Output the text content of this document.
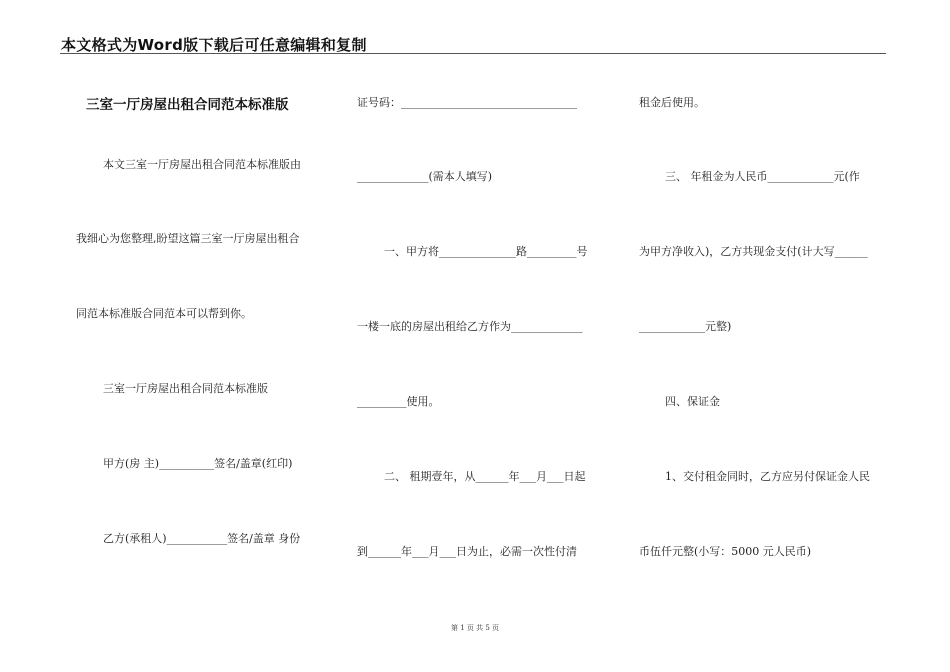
本文格式为Word版下载后可任意编辑和复制
三室一厅房屋出租合同范本标准版
本文三室一厅房屋出租合同范本标准版由
我细心为您整理,盼望这篇三室一厅房屋出租合
同范本标准版合同范本可以帮到你。
三室一厅房屋出租合同范本标准版
甲方(房 主)__________签名/盖章(红印)
乙方(承租人)___________签名/盖章 身份
证号码：________________________________
_____________(需本人填写)
一、甲方将______________路_________号
一楼一底的房屋出租给乙方作为_____________
_________使用。
二、 租期壹年，从______年___月___日起
到______年___月___日为止，必需一次性付清
租金后使用。
三、 年租金为人民币____________元(作
为甲方净收入)，乙方共现金支付(计大写______
____________元整)
四、保证金
1、交付租金同时，乙方应另付保证金人民
币伍仟元整(小写：5000 元人民币)
第 1 页 共 5 页
